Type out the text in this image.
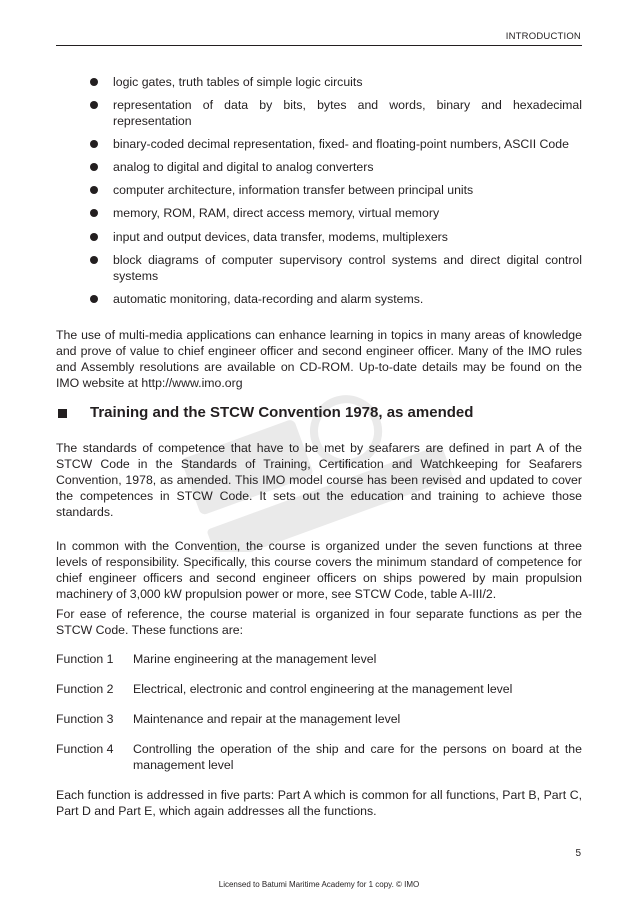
INTRODUCTION
logic gates, truth tables of simple logic circuits
representation of data by bits, bytes and words, binary and hexadecimal representation
binary-coded decimal representation, fixed- and floating-point numbers, ASCII Code
analog to digital and digital to analog converters
computer architecture, information transfer between principal units
memory, ROM, RAM, direct access memory, virtual memory
input and output devices, data transfer, modems, multiplexers
block diagrams of computer supervisory control systems and direct digital control systems
automatic monitoring, data-recording and alarm systems.

The use of multi-media applications can enhance learning in topics in many areas of knowledge and prove of value to chief engineer officer and second engineer officer. Many of the IMO rules and Assembly resolutions are available on CD-ROM. Up-to-date details may be found on the IMO website at http://www.imo.org

Training and the STCW Convention 1978, as amended

The standards of competence that have to be met by seafarers are defined in part A of the STCW Code in the Standards of Training, Certification and Watchkeeping for Seafarers Convention, 1978, as amended. This IMO model course has been revised and updated to cover the competences in STCW Code. It sets out the education and training to achieve those standards.

In common with the Convention, the course is organized under the seven functions at three levels of responsibility. Specifically, this course covers the minimum standard of competence for chief engineer officers and second engineer officers on ships powered by main propulsion machinery of 3,000 kW propulsion power or more, see STCW Code, table A-III/2.

For ease of reference, the course material is organized in four separate functions as per the STCW Code. These functions are:

Function 1 Marine engineering at the management level
Function 2 Electrical, electronic and control engineering at the management level
Function 3 Maintenance and repair at the management level
Function 4 Controlling the operation of the ship and care for the persons on board at the management level

Each function is addressed in five parts: Part A which is common for all functions, Part B, Part C, Part D and Part E, which again addresses all the functions.

5
Licensed to Batumi Maritime Academy for 1 copy. © IMO
